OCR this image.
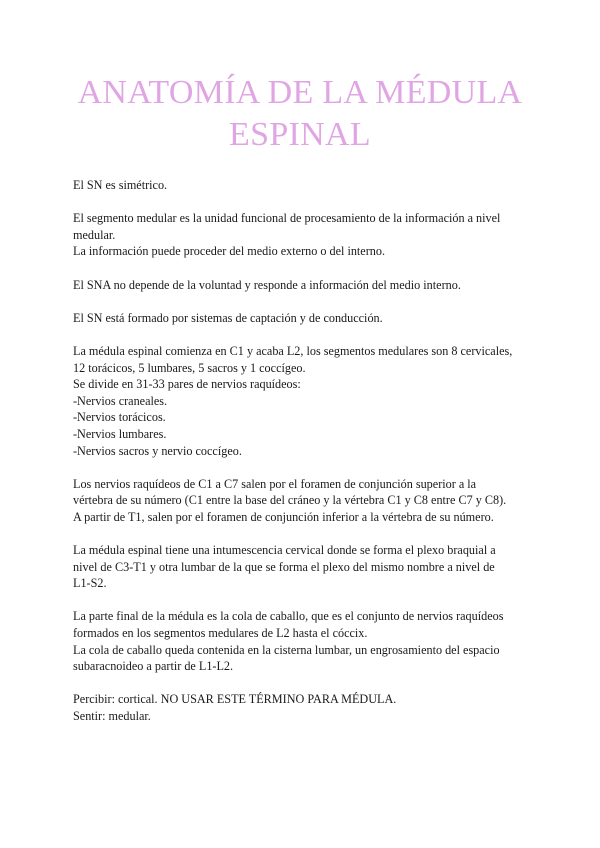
ANATOMÍA DE LA MÉDULA
ESPINAL
El SN es simétrico.
El segmento medular es la unidad funcional de procesamiento de la información a nivel
medular.
La información puede proceder del medio externo o del interno.
El SNA no depende de la voluntad y responde a información del medio interno.
El SN está formado por sistemas de captación y de conducción.
La médula espinal comienza en C1 y acaba L2, los segmentos medulares son 8 cervicales,
12 torácicos, 5 lumbares, 5 sacros y 1 coccígeo.
Se divide en 31-33 pares de nervios raquídeos:
-Nervios craneales.
-Nervios torácicos.
-Nervios lumbares.
-Nervios sacros y nervio coccígeo.
Los nervios raquídeos de C1 a C7 salen por el foramen de conjunción superior a la
vértebra de su número (C1 entre la base del cráneo y la vértebra C1 y C8 entre C7 y C8).
A partir de T1, salen por el foramen de conjunción inferior a la vértebra de su número.
La médula espinal tiene una intumescencia cervical donde se forma el plexo braquial a
nivel de C3-T1 y otra lumbar de la que se forma el plexo del mismo nombre a nivel de
L1-S2.
La parte final de la médula es la cola de caballo, que es el conjunto de nervios raquídeos
formados en los segmentos medulares de L2 hasta el cóccix.
La cola de caballo queda contenida en la cisterna lumbar, un engrosamiento del espacio
subaracnoideo a partir de L1-L2.
Percibir: cortical. NO USAR ESTE TÉRMINO PARA MÉDULA.
Sentir: medular.
